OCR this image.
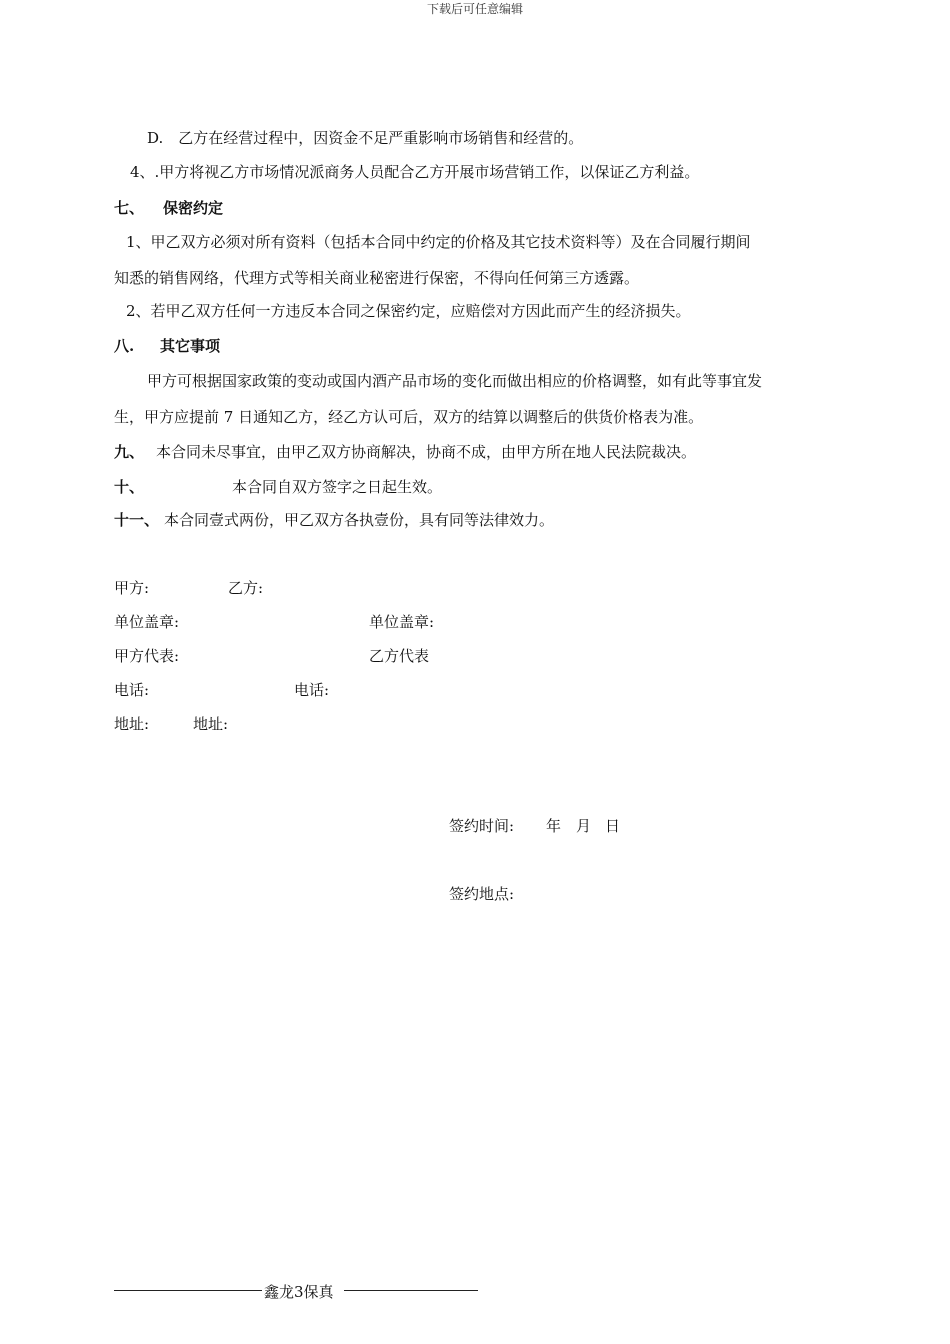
下载后可任意编辑
D.　乙方在经营过程中，因资金不足严重影响市场销售和经营的。
4、.甲方将视乙方市场情况派商务人员配合乙方开展市场营销工作，以保证乙方利益。
七、 保密约定
1、甲乙双方必须对所有资料（包括本合同中约定的价格及其它技术资料等）及在合同履行期间
知悉的销售网络，代理方式等相关商业秘密进行保密，不得向任何第三方透露。
2、若甲乙双方任何一方违反本合同之保密约定，应赔偿对方因此而产生的经济损失。
八. 其它事项
甲方可根据国家政策的变动或国内酒产品市场的变化而做出相应的价格调整，如有此等事宜发
生，甲方应提前 7 日通知乙方，经乙方认可后，双方的结算以调整后的供货价格表为准。
九、 本合同未尽事宜，由甲乙双方协商解决，协商不成，由甲方所在地人民法院裁决。
十、	本合同自双方签字之日起生效。
十一、 本合同壹式两份，甲乙双方各执壹份，具有同等法律效力。
甲方:	乙方:
单位盖章:	单位盖章:
甲方代表:	乙方代表
电话:	电话:
地址:	地址:
签约时间: 年 月 日
签约地点:
鑫龙3保真
